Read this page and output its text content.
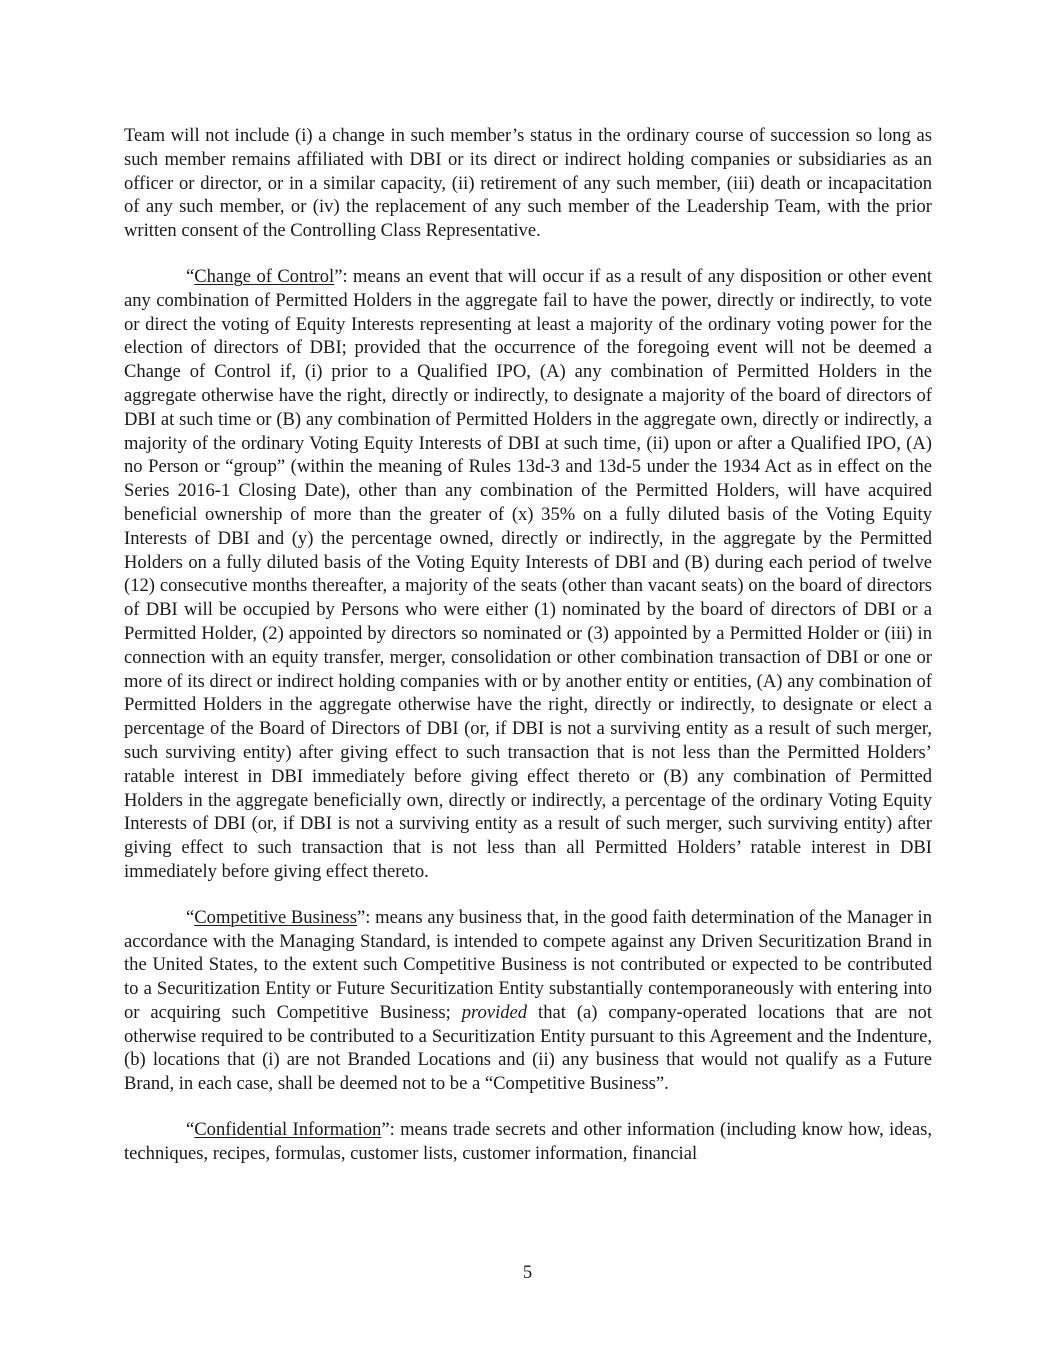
Team will not include (i) a change in such member’s status in the ordinary course of succession so long as such member remains affiliated with DBI or its direct or indirect holding companies or subsidiaries as an officer or director, or in a similar capacity, (ii) retirement of any such member, (iii) death or incapacitation of any such member, or (iv) the replacement of any such member of the Leadership Team, with the prior written consent of the Controlling Class Representative.

“Change of Control”: means an event that will occur if as a result of any disposition or other event any combination of Permitted Holders in the aggregate fail to have the power, directly or indirectly, to vote or direct the voting of Equity Interests representing at least a majority of the ordinary voting power for the election of directors of DBI; provided that the occurrence of the foregoing event will not be deemed a Change of Control if, (i) prior to a Qualified IPO, (A) any combination of Permitted Holders in the aggregate otherwise have the right, directly or indirectly, to designate a majority of the board of directors of DBI at such time or (B) any combination of Permitted Holders in the aggregate own, directly or indirectly, a majority of the ordinary Voting Equity Interests of DBI at such time, (ii) upon or after a Qualified IPO, (A) no Person or “group” (within the meaning of Rules 13d-3 and 13d-5 under the 1934 Act as in effect on the Series 2016-1 Closing Date), other than any combination of the Permitted Holders, will have acquired beneficial ownership of more than the greater of (x) 35% on a fully diluted basis of the Voting Equity Interests of DBI and (y) the percentage owned, directly or indirectly, in the aggregate by the Permitted Holders on a fully diluted basis of the Voting Equity Interests of DBI and (B) during each period of twelve (12) consecutive months thereafter, a majority of the seats (other than vacant seats) on the board of directors of DBI will be occupied by Persons who were either (1) nominated by the board of directors of DBI or a Permitted Holder, (2) appointed by directors so nominated or (3) appointed by a Permitted Holder or (iii) in connection with an equity transfer, merger, consolidation or other combination transaction of DBI or one or more of its direct or indirect holding companies with or by another entity or entities, (A) any combination of Permitted Holders in the aggregate otherwise have the right, directly or indirectly, to designate or elect a percentage of the Board of Directors of DBI (or, if DBI is not a surviving entity as a result of such merger, such surviving entity) after giving effect to such transaction that is not less than the Permitted Holders’ ratable interest in DBI immediately before giving effect thereto or (B) any combination of Permitted Holders in the aggregate beneficially own, directly or indirectly, a percentage of the ordinary Voting Equity Interests of DBI (or, if DBI is not a surviving entity as a result of such merger, such surviving entity) after giving effect to such transaction that is not less than all Permitted Holders’ ratable interest in DBI immediately before giving effect thereto.

“Competitive Business”: means any business that, in the good faith determination of the Manager in accordance with the Managing Standard, is intended to compete against any Driven Securitization Brand in the United States, to the extent such Competitive Business is not contributed or expected to be contributed to a Securitization Entity or Future Securitization Entity substantially contemporaneously with entering into or acquiring such Competitive Business; provided that (a) company-operated locations that are not otherwise required to be contributed to a Securitization Entity pursuant to this Agreement and the Indenture, (b) locations that (i) are not Branded Locations and (ii) any business that would not qualify as a Future Brand, in each case, shall be deemed not to be a “Competitive Business”.

“Confidential Information”: means trade secrets and other information (including know how, ideas, techniques, recipes, formulas, customer lists, customer information, financial

5
